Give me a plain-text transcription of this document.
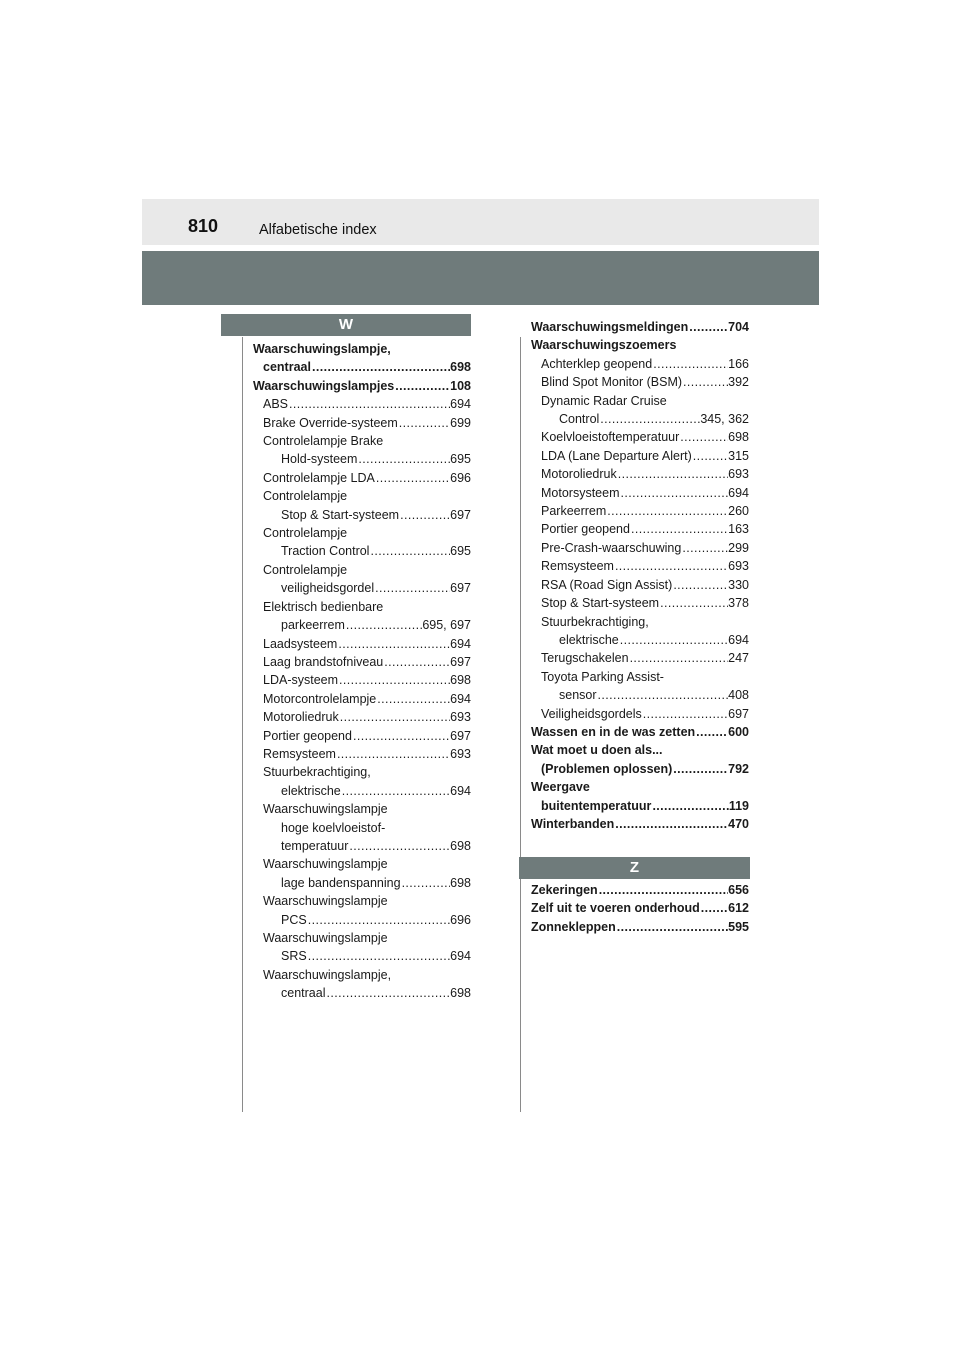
810	Alfabetische index
W
Z
Waarschuwingslampje,
centraal .....	698
Waarschuwingslampjes .....	108
ABS .....	694
Brake Override-systeem .....	699
Controlelampje Brake
Hold-systeem .....	695
Controlelampje LDA .....	696
Controlelampje
Stop & Start-systeem .....	697
Controlelampje
Traction Control .....	695
Controlelampje
veiligheidsgordel .....	697
Elektrisch bedienbare
parkeerrem .....	695, 697
Laadsysteem .....	694
Laag brandstofniveau .....	697
LDA-systeem .....	698
Motorcontrolelampje .....	694
Motoroliedruk .....	693
Portier geopend .....	697
Remsysteem .....	693
Stuurbekrachtiging,
elektrische .....	694
Waarschuwingslampje
hoge koelvloeistof-
temperatuur .....	698
Waarschuwingslampje
lage bandenspanning .....	698
Waarschuwingslampje
PCS .....	696
Waarschuwingslampje
SRS .....	694
Waarschuwingslampje,
centraal .....	698
Waarschuwingsmeldingen .....	704
Waarschuwingszoemers
Achterklep geopend .....	166
Blind Spot Monitor (BSM) .....	392
Dynamic Radar Cruise
Control .....	345, 362
Koelvloeistoftemperatuur .....	698
LDA (Lane Departure Alert) .....	315
Motoroliedruk .....	693
Motorsysteem .....	694
Parkeerrem .....	260
Portier geopend .....	163
Pre-Crash-waarschuwing .....	299
Remsysteem .....	693
RSA (Road Sign Assist) .....	330
Stop & Start-systeem .....	378
Stuurbekrachtiging,
elektrische .....	694
Terugschakelen .....	247
Toyota Parking Assist-
sensor .....	408
Veiligheidsgordels .....	697
Wassen en in de was zetten .....	600
Wat moet u doen als...
(Problemen oplossen) .....	792
Weergave
buitentemperatuur .....	119
Winterbanden .....	470
Zekeringen .....	656
Zelf uit te voeren onderhoud ..... 612
Zonnekleppen .....	595
